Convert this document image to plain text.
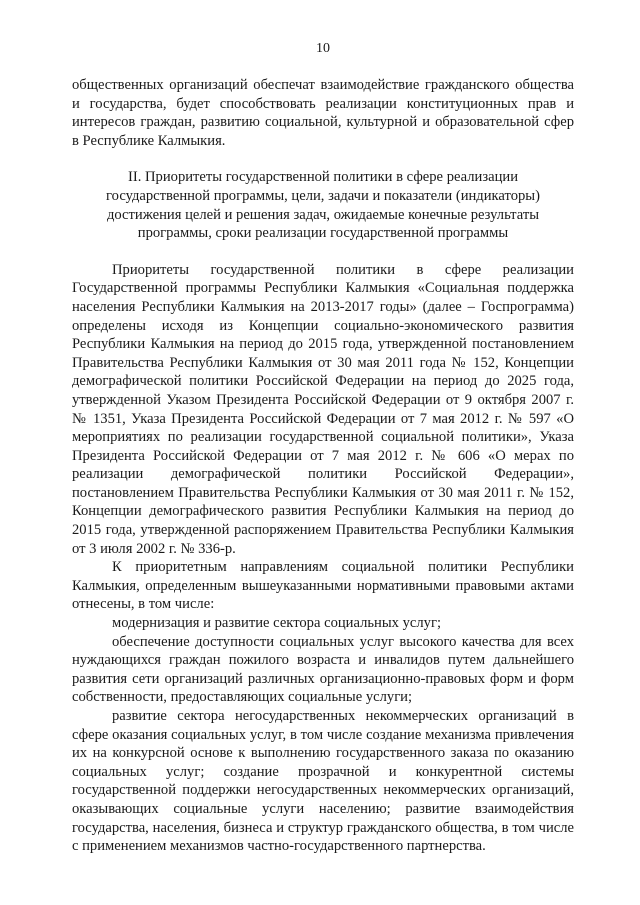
10

общественных организаций обеспечат взаимодействие гражданского общества и государства, будет способствовать реализации конституционных прав и интересов граждан, развитию социальной, культурной и образовательной сфер в Республике Калмыкия.

II. Приоритеты государственной политики в сфере реализации государственной программы, цели, задачи и показатели (индикаторы) достижения целей и решения задач, ожидаемые конечные результаты программы, сроки реализации государственной программы

Приоритеты государственной политики в сфере реализации Государственной программы Республики Калмыкия «Социальная поддержка населения Республики Калмыкия на 2013-2017 годы» (далее – Госпрограмма) определены исходя из Концепции социально-экономического развития Республики Калмыкия на период до 2015 года, утвержденной постановлением Правительства Республики Калмыкия от 30 мая 2011 года № 152, Концепции демографической политики Российской Федерации на период до 2025 года, утвержденной Указом Президента Российской Федерации от 9 октября 2007 г. № 1351, Указа Президента Российской Федерации от 7 мая 2012 г. № 597 «О мероприятиях по реализации государственной социальной политики», Указа Президента Российской Федерации от 7 мая 2012 г. № 606 «О мерах по реализации демографической политики Российской Федерации», постановлением Правительства Республики Калмыкия от 30 мая 2011 г. № 152, Концепции демографического развития Республики Калмыкия на период до 2015 года, утвержденной распоряжением Правительства Республики Калмыкия от 3 июля 2002 г. № 336-р.

К приоритетным направлениям социальной политики Республики Калмыкия, определенным вышеуказанными нормативными правовыми актами отнесены, в том числе:

модернизация и развитие сектора социальных услуг;

обеспечение доступности социальных услуг высокого качества для всех нуждающихся граждан пожилого возраста и инвалидов путем дальнейшего развития сети организаций различных организационно-правовых форм и форм собственности, предоставляющих социальные услуги;

развитие сектора негосударственных некоммерческих организаций в сфере оказания социальных услуг, в том числе создание механизма привлечения их на конкурсной основе к выполнению государственного заказа по оказанию социальных услуг; создание прозрачной и конкурентной системы государственной поддержки негосударственных некоммерческих организаций, оказывающих социальные услуги населению; развитие взаимодействия государства, населения, бизнеса и структур гражданского общества, в том числе с применением механизмов частно-государственного партнерства.
